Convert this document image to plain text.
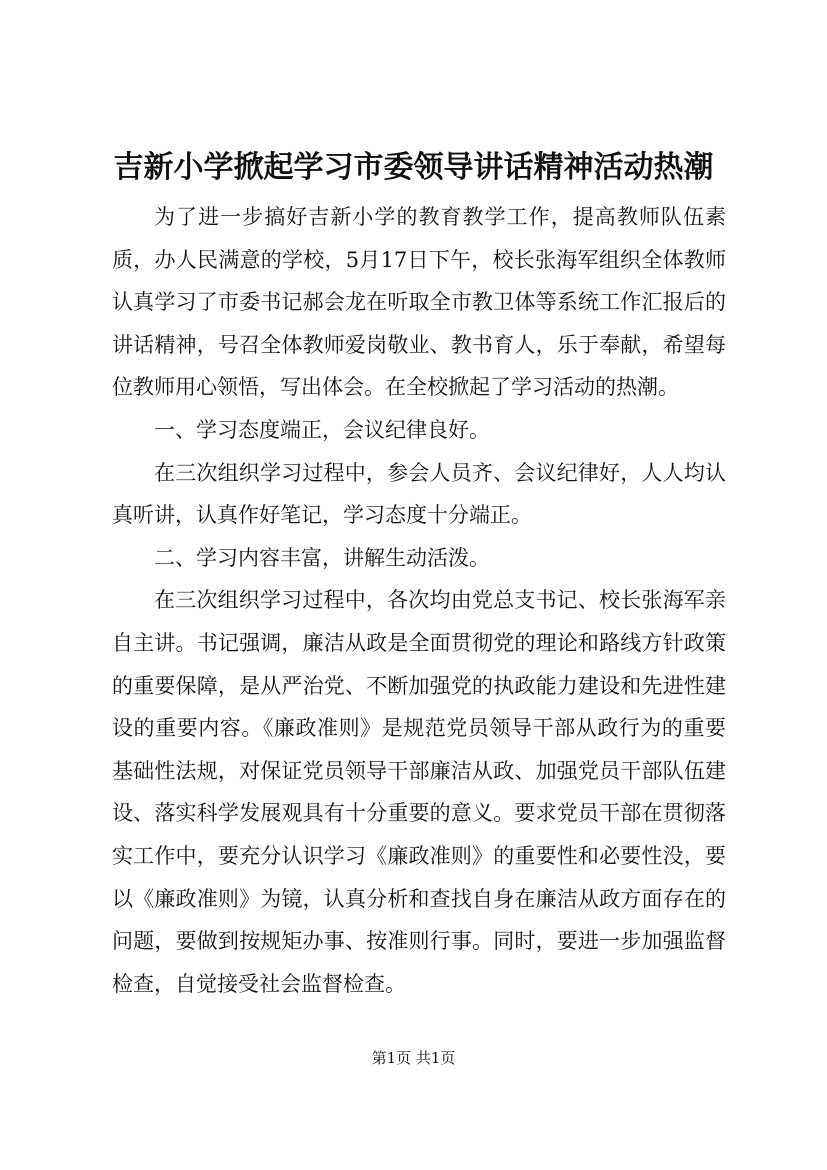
吉新小学掀起学习市委领导讲话精神活动热潮

为了进一步搞好吉新小学的教育教学工作，提高教师队伍素质，办人民满意的学校，5月17日下午，校长张海军组织全体教师认真学习了市委书记郝会龙在听取全市教卫体等系统工作汇报后的讲话精神，号召全体教师爱岗敬业、教书育人，乐于奉献，希望每位教师用心领悟，写出体会。在全校掀起了学习活动的热潮。

一、学习态度端正，会议纪律良好。

在三次组织学习过程中，参会人员齐、会议纪律好，人人均认真听讲，认真作好笔记，学习态度十分端正。

二、学习内容丰富，讲解生动活泼。

在三次组织学习过程中，各次均由党总支书记、校长张海军亲自主讲。书记强调，廉洁从政是全面贯彻党的理论和路线方针政策的重要保障，是从严治党、不断加强党的执政能力建设和先进性建设的重要内容。《廉政准则》是规范党员领导干部从政行为的重要基础性法规，对保证党员领导干部廉洁从政、加强党员干部队伍建设、落实科学发展观具有十分重要的意义。要求党员干部在贯彻落实工作中，要充分认识学习《廉政准则》的重要性和必要性没，要以《廉政准则》为镜，认真分析和查找自身在廉洁从政方面存在的问题，要做到按规矩办事、按准则行事。同时，要进一步加强监督检查，自觉接受社会监督检查。

第1页 共1页
